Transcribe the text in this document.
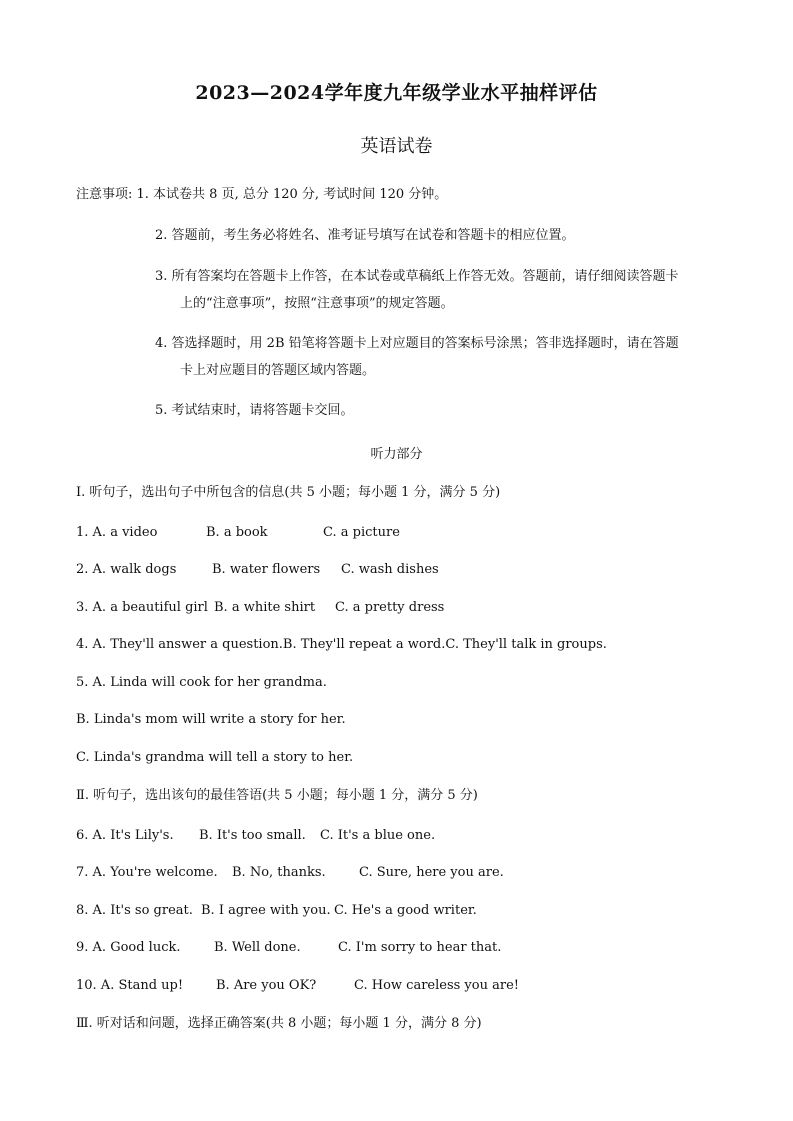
2023—2024学年度九年级学业水平抽样评估
英语试卷
注意事项: 1. 本试卷共 8 页, 总分 120 分, 考试时间 120 分钟。
2. 答题前，考生务必将姓名、准考证号填写在试卷和答题卡的相应位置。
3. 所有答案均在答题卡上作答，在本试卷或草稿纸上作答无效。答题前，请仔细阅读答题卡
上的“注意事项”，按照“注意事项”的规定答题。
4. 答选择题时，用 2B 铅笔将答题卡上对应题目的答案标号涂黑；答非选择题时，请在答题
卡上对应题目的答题区域内答题。
5. 考试结束时，请将答题卡交回。
听力部分
Ⅰ. 听句子，选出句子中所包含的信息(共 5 小题；每小题 1 分，满分 5 分)
1. A. a video	B. a book	C. a picture
2. A. walk dogs	B. water flowers C. wash dishes
3. A. a beautiful girl B. a white shirt C. a pretty dress
4. A. They'll answer a question.B. They'll repeat a word.C. They'll talk in groups.
5. A. Linda will cook for her grandma.
B. Linda's mom will write a story for her.
C. Linda's grandma will tell a story to her.
Ⅱ. 听句子，选出该句的最佳答语(共 5 小题；每小题 1 分，满分 5 分)
6. A. It's Lily's. B. It's too small. C. It's a blue one.
7. A. You're welcome. B. No, thanks.	C. Sure, here you are.
8. A. It's so great. B. I agree with you. C. He's a good writer.
9. A. Good luck.	B. Well done.	C. I'm sorry to hear that.
10. A. Stand up!	B. Are you OK?	C. How careless you are!
Ⅲ. 听对话和问题，选择正确答案(共 8 小题；每小题 1 分，满分 8 分)
